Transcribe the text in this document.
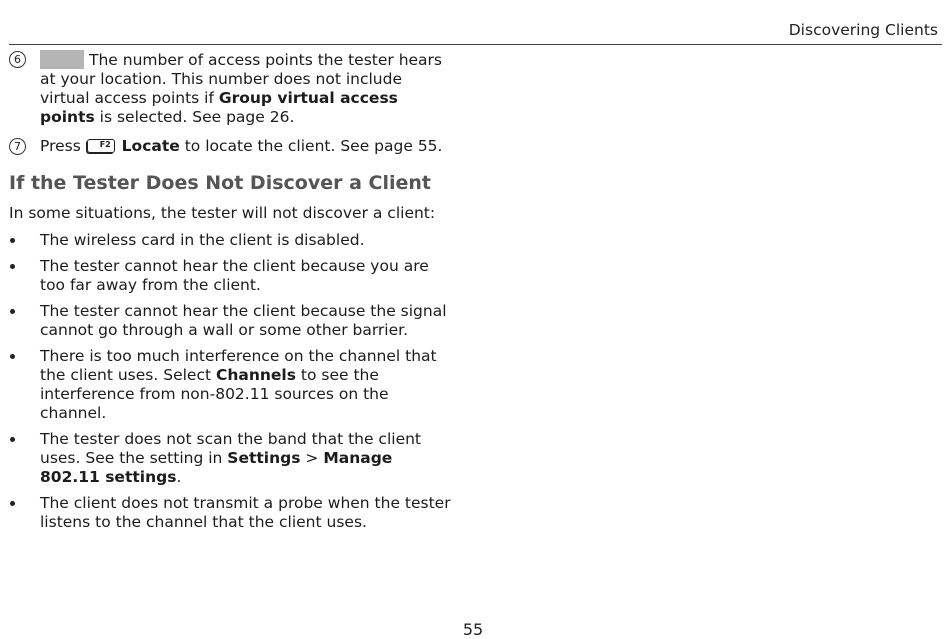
Discovering Clients
6	The number of access points the tester hears at your location. This number does not include virtual access points if Group virtual access points is selected. See page 26.
7	Press F2 Locate to locate the client. See page 55.
If the Tester Does Not Discover a Client
In some situations, the tester will not discover a client:
The wireless card in the client is disabled.
The tester cannot hear the client because you are too far away from the client.
The tester cannot hear the client because the signal cannot go through a wall or some other barrier.
There is too much interference on the channel that the client uses. Select Channels to see the interference from non-802.11 sources on the channel.
The tester does not scan the band that the client uses. See the setting in Settings > Manage 802.11 settings.
The client does not transmit a probe when the tester listens to the channel that the client uses.
55
